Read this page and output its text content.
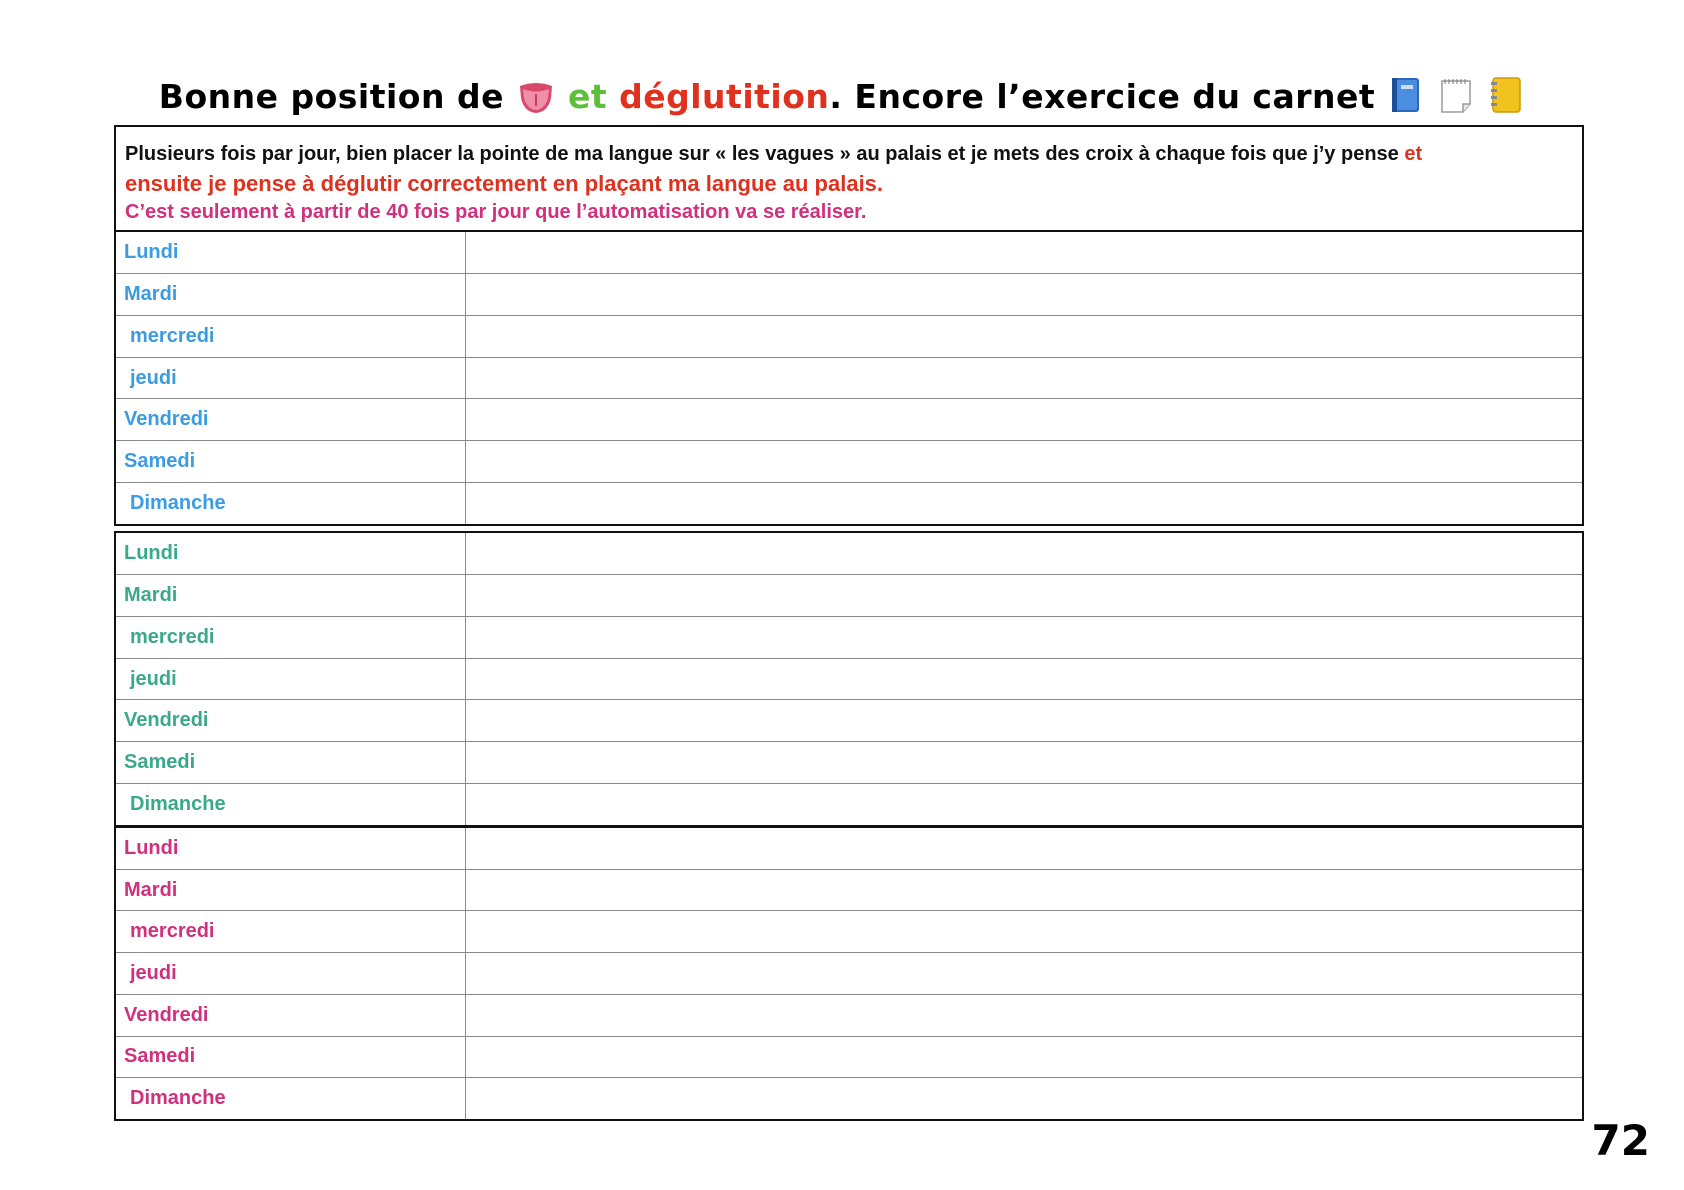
Bonne position de et déglutition. Encore l’exercice du carnet

Plusieurs fois par jour, bien placer la pointe de ma langue sur « les vagues » au palais et je mets des croix à chaque fois que j’y pense et

ensuite je pense à déglutir correctement en plaçant ma langue au palais.

C’est seulement à partir de 40 fois par jour que l’automatisation va se réaliser.

Lundi
Mardi
mercredi
jeudi
Vendredi
Samedi
Dimanche
Lundi
Mardi
mercredi
jeudi
Vendredi
Samedi
Dimanche
Lundi
Mardi
mercredi
jeudi
Vendredi
Samedi
Dimanche
72
